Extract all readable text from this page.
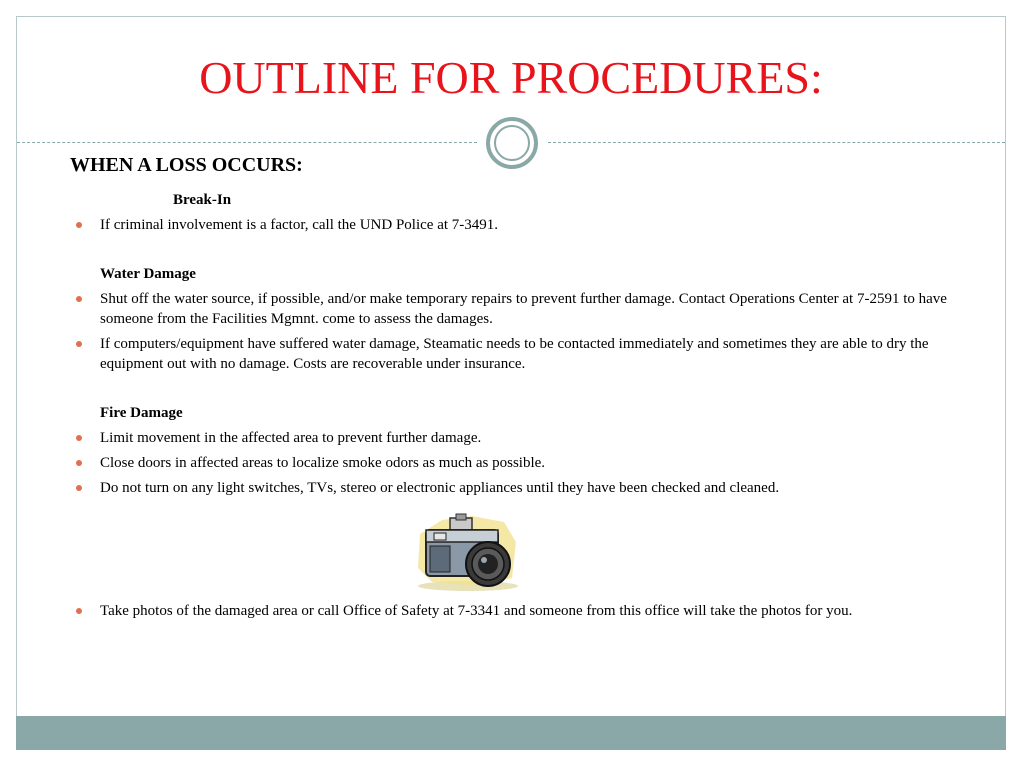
OUTLINE FOR PROCEDURES:
WHEN A LOSS OCCURS:
Break-In
If criminal involvement is a factor, call the UND Police at 7-3491.
Water Damage
Shut off the water source, if possible, and/or make temporary repairs to prevent further damage. Contact Operations Center at 7-2591 to have someone from the Facilities Mgmnt. come to assess the damages.
If computers/equipment have suffered water damage, Steamatic needs to be contacted immediately and sometimes they are able to dry the equipment out with no damage. Costs are recoverable under insurance.
Fire Damage
Limit movement in the affected area to prevent further damage.
Close doors in affected areas to localize smoke odors as much as possible.
Do not turn on any light switches, TVs, stereo or electronic appliances until they have been checked and cleaned.
Take photos of the damaged area or call Office of Safety at 7-3341 and someone from this office will take the photos for you.
